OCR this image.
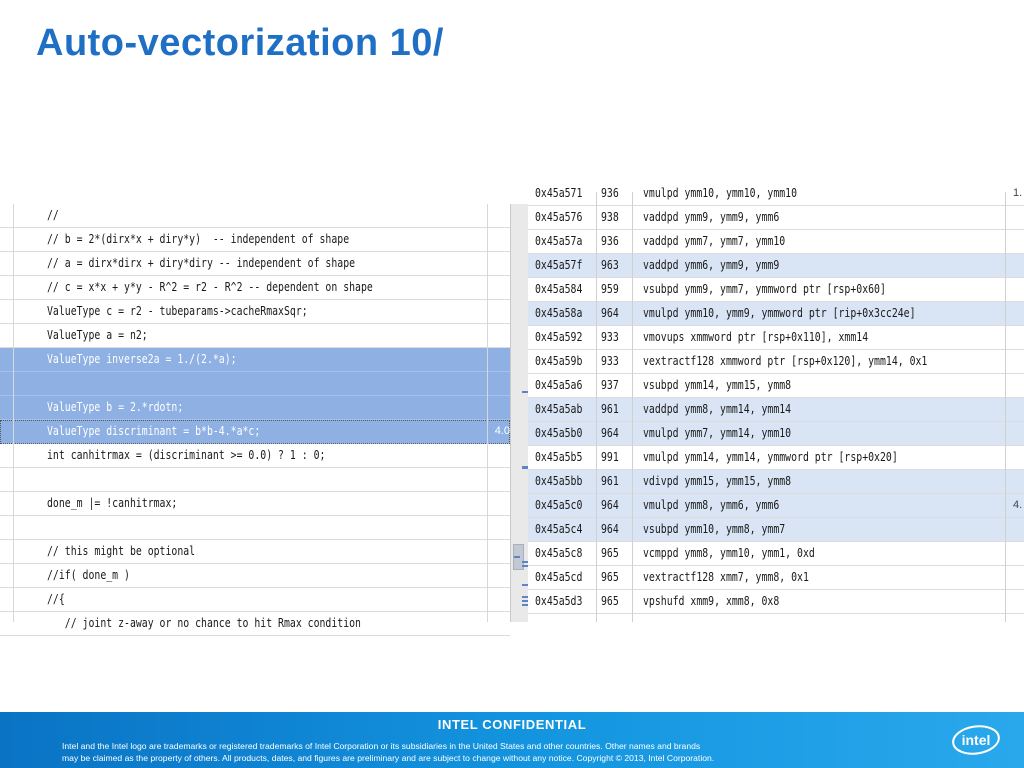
Auto-vectorization 10/
//
// b = 2*(dirx*x + diry*y)  -- independent of shape
// a = dirx*dirx + diry*diry -- independent of shape
// c = x*x + y*y - R^2 = r2 - R^2 -- dependent on shape
ValueType c = r2 - tubeparams->cacheRmaxSqr;
ValueType a = n2;
ValueType inverse2a = 1./(2.*a);
ValueType b = 2.*rdotn;
ValueType discriminant = b*b-4.*a*c;	4.0
int canhitrmax = (discriminant >= 0.0) ? 1 : 0;
done_m |= !canhitrmax;
// this might be optional
//if( done_m )
//{
// joint z-away or no chance to hit Rmax condition
0x45a571 936 vmulpd ymm10, ymm10, ymm10	1.
0x45a576 938 vaddpd ymm9, ymm9, ymm6
0x45a57a 936 vaddpd ymm7, ymm7, ymm10
0x45a57f 963 vaddpd ymm6, ymm9, ymm9
0x45a584 959 vsubpd ymm9, ymm7, ymmword ptr [rsp+0x60]
0x45a58a 964 vmulpd ymm10, ymm9, ymmword ptr [rip+0x3cc24e]
0x45a592 933 vmovups xmmword ptr [rsp+0x110], xmm14
0x45a59b 933 vextractf128 xmmword ptr [rsp+0x120], ymm14, 0x1
0x45a5a6 937 vsubpd ymm14, ymm15, ymm8
0x45a5ab 961 vaddpd ymm8, ymm14, ymm14
0x45a5b0 964 vmulpd ymm7, ymm14, ymm10
0x45a5b5 991 vmulpd ymm14, ymm14, ymmword ptr [rsp+0x20]
0x45a5bb 961 vdivpd ymm15, ymm15, ymm8
0x45a5c0 964 vmulpd ymm8, ymm6, ymm6	4.
0x45a5c4 964 vsubpd ymm10, ymm8, ymm7
0x45a5c8 965 vcmppd ymm8, ymm10, ymm1, 0xd
0x45a5cd 965 vextractf128 xmm7, ymm8, 0x1
0x45a5d3 965 vpshufd xmm9, xmm8, 0x8
INTEL CONFIDENTIAL
Intel and the Intel logo are trademarks or registered trademarks of Intel Corporation or its subsidiaries in the United States and other countries. Other names and brands
may be claimed as the property of others. All products, dates, and figures are preliminary and are subject to change without any notice. Copyright © 2013, Intel Corporation.
intel
